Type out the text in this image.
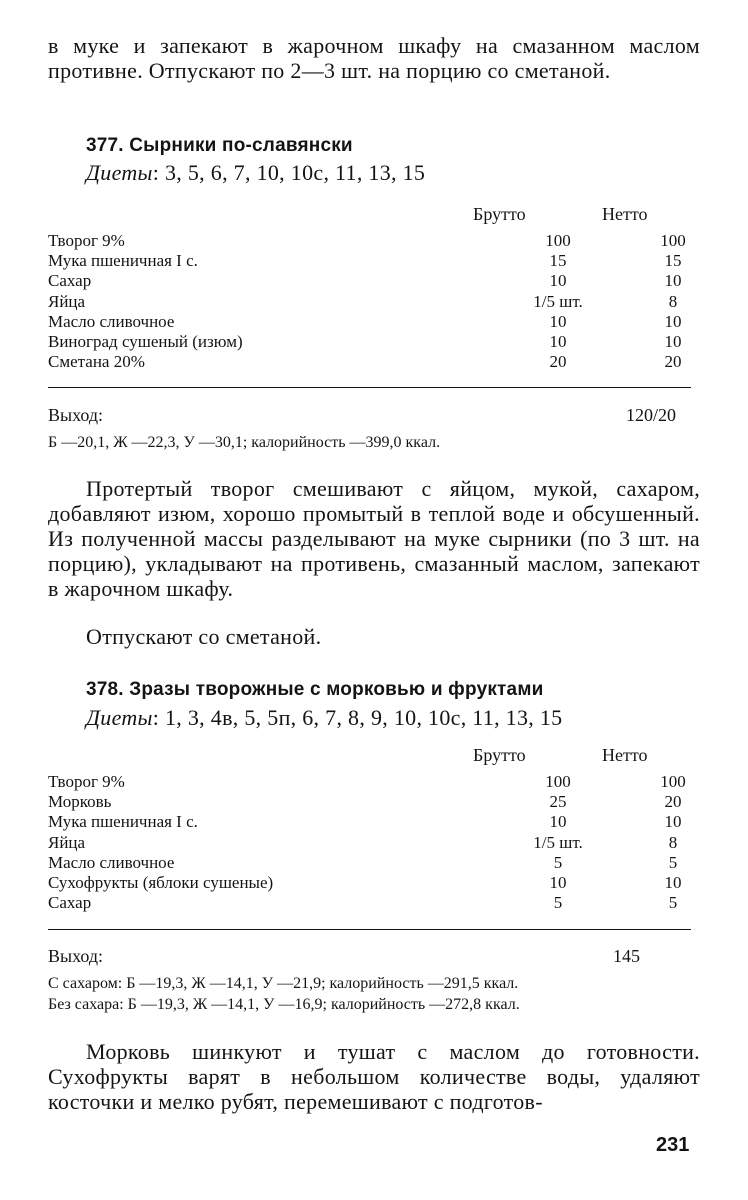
в муке и запекают в жарочном шкафу на смазанном маслом противне. Отпускают по 2—3 шт. на порцию со сметаной.
377. Сырники по-славянски
Диеты: 3, 5, 6, 7, 10, 10с, 11, 13, 15
Брутто	Нетто
Творог 9%	100	100
Мука пшеничная I с.	15	15
Сахар	10	10
Яйца	1/5 шт.	8
Масло сливочное	10	10
Виноград сушеный (изюм)	10	10
Сметана 20%	20	20
Выход:	120/20
Б —20,1, Ж —22,3, У —30,1; калорийность —399,0 ккал.
Протертый творог смешивают с яйцом, мукой, сахаром, добавляют изюм, хорошо промытый в теплой воде и обсушенный. Из полученной массы разделывают на муке сырники (по 3 шт. на порцию), укладывают на противень, смазанный маслом, запекают в жарочном шкафу.
Отпускают со сметаной.
378. Зразы творожные с морковью и фруктами
Диеты: 1, 3, 4в, 5, 5п, 6, 7, 8, 9, 10, 10с, 11, 13, 15
Брутто	Нетто
Творог 9%	100	100
Морковь	25	20
Мука пшеничная I с.	10	10
Яйца	1/5 шт.	8
Масло сливочное	5	5
Сухофрукты (яблоки сушеные)	10	10
Сахар	5	5
Выход:	145
С сахаром: Б —19,3, Ж —14,1, У —21,9; калорийность —291,5 ккал.
Без сахара: Б —19,3, Ж —14,1, У —16,9; калорийность —272,8 ккал.
Морковь шинкуют и тушат с маслом до готовности. Сухофрукты варят в небольшом количестве воды, удаляют косточки и мелко рубят, перемешивают с подготов-
231
